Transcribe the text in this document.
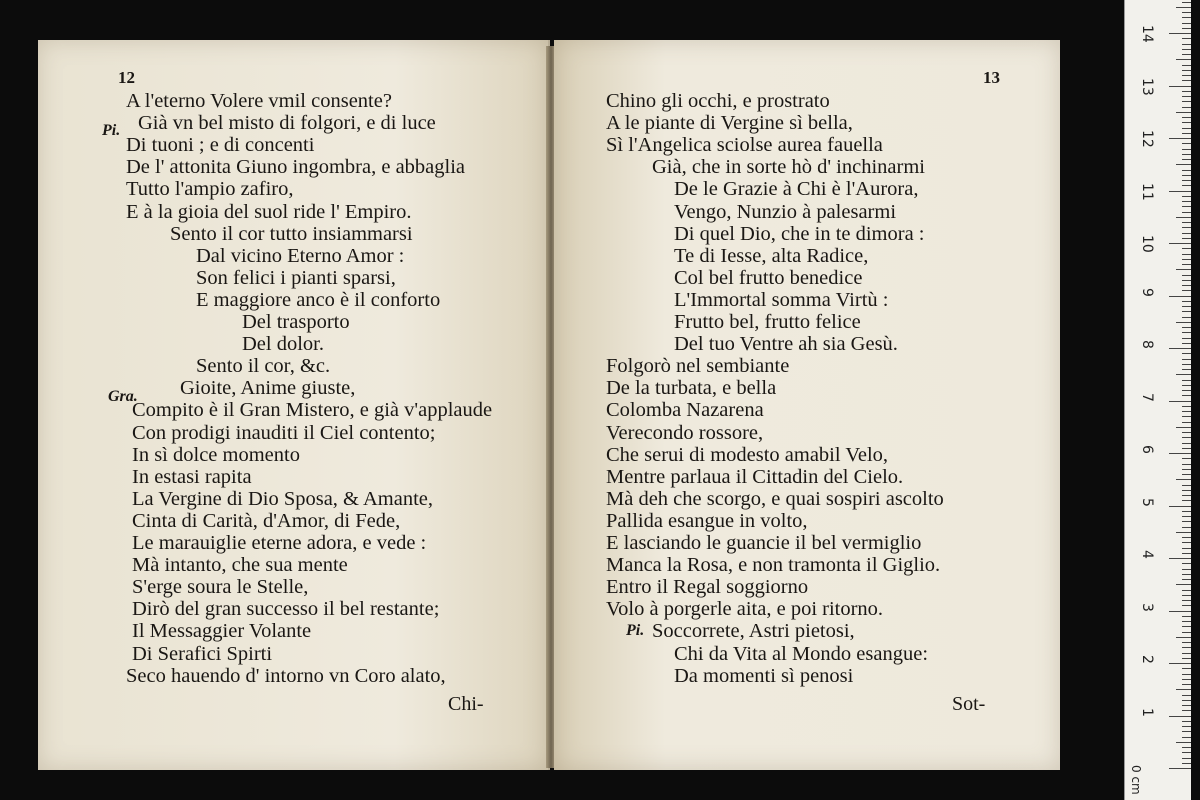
12
A l'eterno Volere vmil consente?
Già vn bel misto di folgori, e di luce
Di tuoni ; e di concenti
De l' attonita Giuno ingombra, e abbaglia
Tutto l'ampio zafiro,
E à la gioia del suol ride l' Empiro.
Sento il cor tutto insiammarsi
Dal vicino Eterno Amor :
Son felici i pianti sparsi,
E maggiore anco è il conforto
Del trasporto
Del dolor.
Sento il cor, &c.
Gioite, Anime giuste,
Compito è il Gran Mistero, e già v'applaude
Con prodigi inauditi il Ciel contento;
In sì dolce momento
In estasi rapita
La Vergine di Dio Sposa, & Amante,
Cinta di Carità, d'Amor, di Fede,
Le marauiglie eterne adora, e vede :
Mà intanto, che sua mente
S'erge soura le Stelle,
Dirò del gran successo il bel restante;
Il Messaggier Volante
Di Serafici Spirti
Seco hauendo d' intorno vn Coro alato,
Pi.
Gra.
Chi-
13
Chino gli occhi, e prostrato
A le piante di Vergine sì bella,
Sì l'Angelica sciolse aurea fauella
Già, che in sorte hò d' inchinarmi
De le Grazie à Chi è l'Aurora,
Vengo, Nunzio à palesarmi
Di quel Dio, che in te dimora :
Te di Iesse, alta Radice,
Col bel frutto benedice
L'Immortal somma Virtù :
Frutto bel, frutto felice
Del tuo Ventre ah sia Gesù.
Folgorò nel sembiante
De la turbata, e bella
Colomba Nazarena
Verecondo rossore,
Che serui di modesto amabil Velo,
Mentre parlaua il Cittadin del Cielo.
Mà deh che scorgo, e quai sospiri ascolto
Pallida esangue in volto,
E lasciando le guancie il bel vermiglio
Manca la Rosa, e non tramonta il Giglio.
Entro il Regal soggiorno
Volo à porgerle aita, e poi ritorno.
Soccorrete, Astri pietosi,
Chi da Vita al Mondo esangue:
Da momenti sì penosi
Pi.
Sot-
0 cm
14
13
12
11
10
9
8
7
6
5
4
3
2
1
